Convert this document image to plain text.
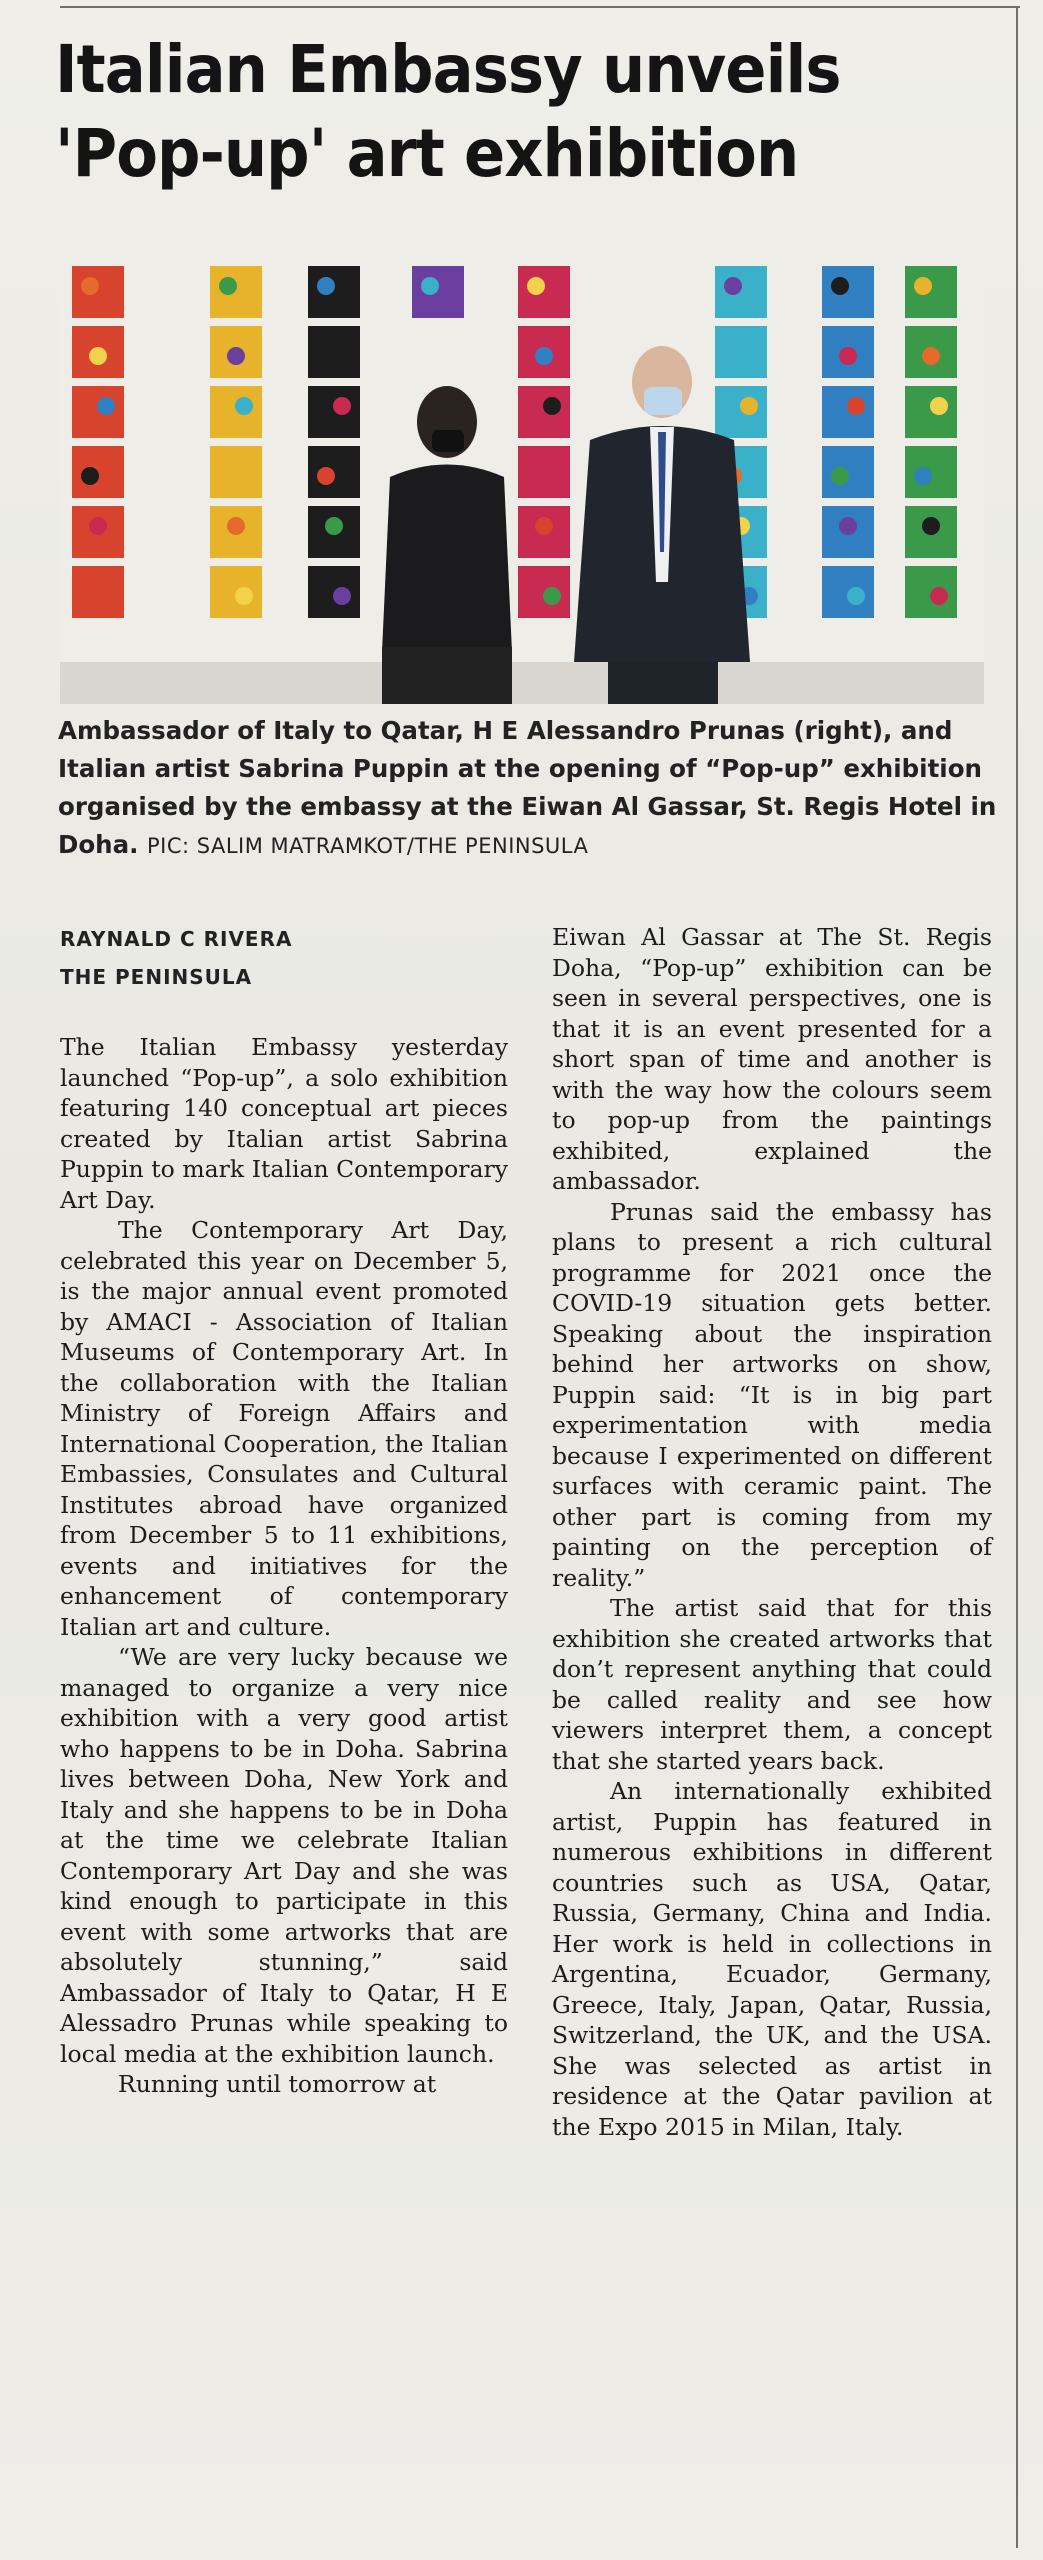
Italian Embassy unveils
'Pop-up' art exhibition
Ambassador of Italy to Qatar, H E Alessandro Prunas (right), and Italian artist Sabrina Puppin at the opening of “Pop-up” exhibition organised by the embassy at the Eiwan Al Gassar, St. Regis Hotel in Doha. PIC: SALIM MATRAMKOT/THE PENINSULA
RAYNALD C RIVERA
THE PENINSULA

The Italian Embassy yesterday launched “Pop-up”, a solo exhibition featuring 140 conceptual art pieces created by Italian artist Sabrina Puppin to mark Italian Contemporary Art Day.

The Contemporary Art Day, celebrated this year on December 5, is the major annual event promoted by AMACI - Association of Italian Museums of Contemporary Art. In the collaboration with the Italian Ministry of Foreign Affairs and International Cooperation, the Italian Embassies, Consulates and Cultural Institutes abroad have organized from December 5 to 11 exhibitions, events and initiatives for the enhancement of contemporary Italian art and culture.

“We are very lucky because we managed to organize a very nice exhibition with a very good artist who happens to be in Doha. Sabrina lives between Doha, New York and Italy and she happens to be in Doha at the time we celebrate Italian Contemporary Art Day and she was kind enough to participate in this event with some artworks that are absolutely stunning,” said Ambassador of Italy to Qatar, H E Alessadro Prunas while speaking to local media at the exhibition launch.

Running until tomorrow at

Eiwan Al Gassar at The St. Regis Doha, “Pop-up” exhibition can be seen in several perspectives, one is that it is an event presented for a short span of time and another is with the way how the colours seem to pop-up from the paintings exhibited, explained the ambassador.

Prunas said the embassy has plans to present a rich cultural programme for 2021 once the COVID-19 situation gets better. Speaking about the inspiration behind her artworks on show, Puppin said: “It is in big part experimentation with media because I experimented on different surfaces with ceramic paint. The other part is coming from my painting on the perception of reality.”

The artist said that for this exhibition she created artworks that don’t represent anything that could be called reality and see how viewers interpret them, a concept that she started years back.

An internationally exhibited artist, Puppin has featured in numerous exhibitions in different countries such as USA, Qatar, Russia, Germany, China and India. Her work is held in collections in Argentina, Ecuador, Germany, Greece, Italy, Japan, Qatar, Russia, Switzerland, the UK, and the USA. She was selected as artist in residence at the Qatar pavilion at the Expo 2015 in Milan, Italy.
